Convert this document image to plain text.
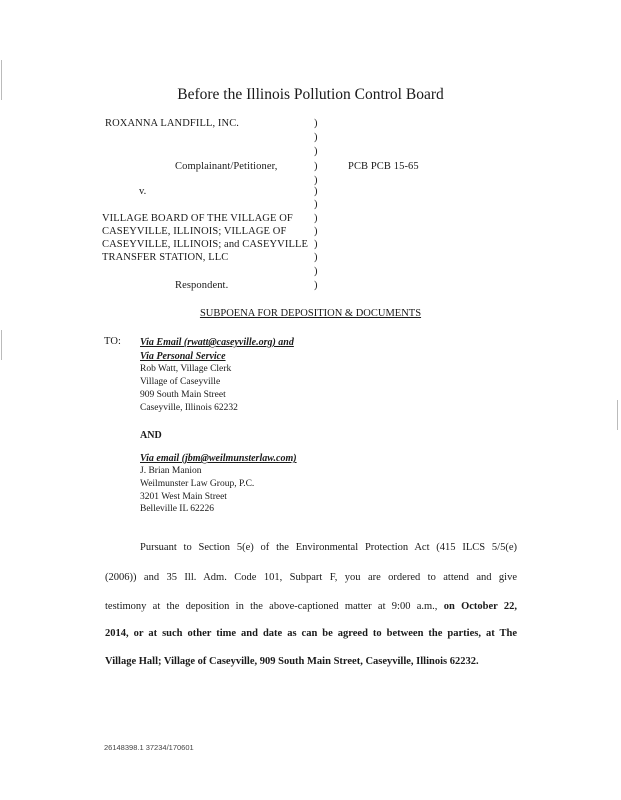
Before the Illinois Pollution Control Board
ROXANNA LANDFILL, INC.
Complainant/Petitioner,
v.
VILLAGE BOARD OF THE VILLAGE OF
CASEYVILLE, ILLINOIS; VILLAGE OF
CASEYVILLE, ILLINOIS; and CASEYVILLE
TRANSFER STATION, LLC
Respondent.
)
)
)
)
)
)
)
)
)
)
)
)
)
PCB PCB 15-65
SUBPOENA FOR DEPOSITION & DOCUMENTS
TO: Via Email (rwatt@caseyville.org) and
Via Personal Service
Rob Watt, Village Clerk
Village of Caseyville
909 South Main Street
Caseyville, Illinois 62232
AND
Via email (jbm@weilmunsterlaw.com)
J. Brian Manion
Weilmunster Law Group, P.C.
3201 West Main Street
Belleville IL 62226
Pursuant to Section 5(e) of the Environmental Protection Act (415 ILCS 5/5(e)
(2006)) and 35 Ill. Adm. Code 101, Subpart F, you are ordered to attend and give
testimony at the deposition in the above-captioned matter at 9:00 a.m., on October 22,
2014, or at such other time and date as can be agreed to between the parties, at The
Village Hall; Village of Caseyville, 909 South Main Street, Caseyville, Illinois 62232.
26148398.1 37234/170601
